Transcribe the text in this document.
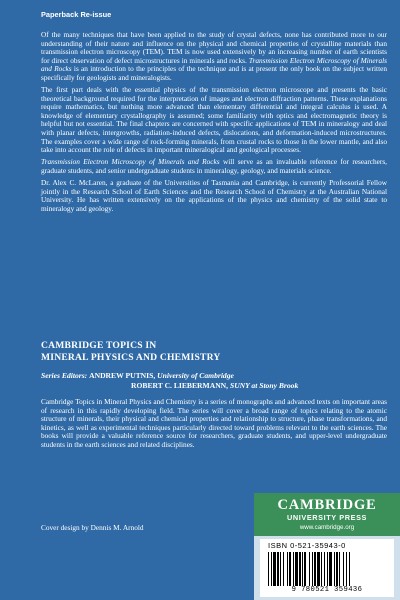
Paperback Re-issue

Of the many techniques that have been applied to the study of crystal defects, none has contributed more to our understanding of their nature and influence on the physical and chemical properties of crystalline materials than transmission electron microscopy (TEM). TEM is now used extensively by an increasing number of earth scientists for direct observation of defect microstructures in minerals and rocks. Transmission Electron Microscopy of Minerals and Rocks is an introduction to the principles of the technique and is at present the only book on the subject written specifically for geologists and mineralogists.

The first part deals with the essential physics of the transmission electron microscope and presents the basic theoretical background required for the interpretation of images and electron diffraction patterns. These explanations require mathematics, but nothing more advanced than elementary differential and integral calculus is used. A knowledge of elementary crystallography is assumed; some familiarity with optics and electromagnetic theory is helpful but not essential. The final chapters are concerned with specific applications of TEM in mineralogy and deal with planar defects, intergrowths, radiation-induced defects, dislocations, and deformation-induced microstructures. The examples cover a wide range of rock-forming minerals, from crustal rocks to those in the lower mantle, and also take into account the role of defects in important mineralogical and geological processes.

Transmission Electron Microscopy of Minerals and Rocks will serve as an invaluable reference for researchers, graduate students, and senior undergraduate students in mineralogy, geology, and materials science.

Dr. Alex C. McLaren, a graduate of the Universities of Tasmania and Cambridge, is currently Professorial Fellow jointly in the Research School of Earth Sciences and the Research School of Chemistry at the Australian National University. He has written extensively on the applications of the physics and chemistry of the solid state to mineralogy and geology.

CAMBRIDGE TOPICS IN
MINERAL PHYSICS AND CHEMISTRY
Series Editors: ANDREW PUTNIS, University of Cambridge
ROBERT C. LIEBERMANN, SUNY at Stony Brook
Cambridge Topics in Mineral Physics and Chemistry is a series of monographs and advanced texts on important areas of research in this rapidly developing field. The series will cover a broad range of topics relating to the atomic structure of minerals, their physical and chemical properties and relationship to structure, phase transformations, and kinetics, as well as experimental techniques particularly directed toward problems relevant to the earth sciences. The books will provide a valuable reference source for researchers, graduate students, and upper-level undergraduate students in the earth sciences and related disciplines.
Cover design by Dennis M. Arnold
CAMBRIDGE
UNIVERSITY PRESS
www.cambridge.org
ISBN 0-521-35943-0
9 780521 359436
